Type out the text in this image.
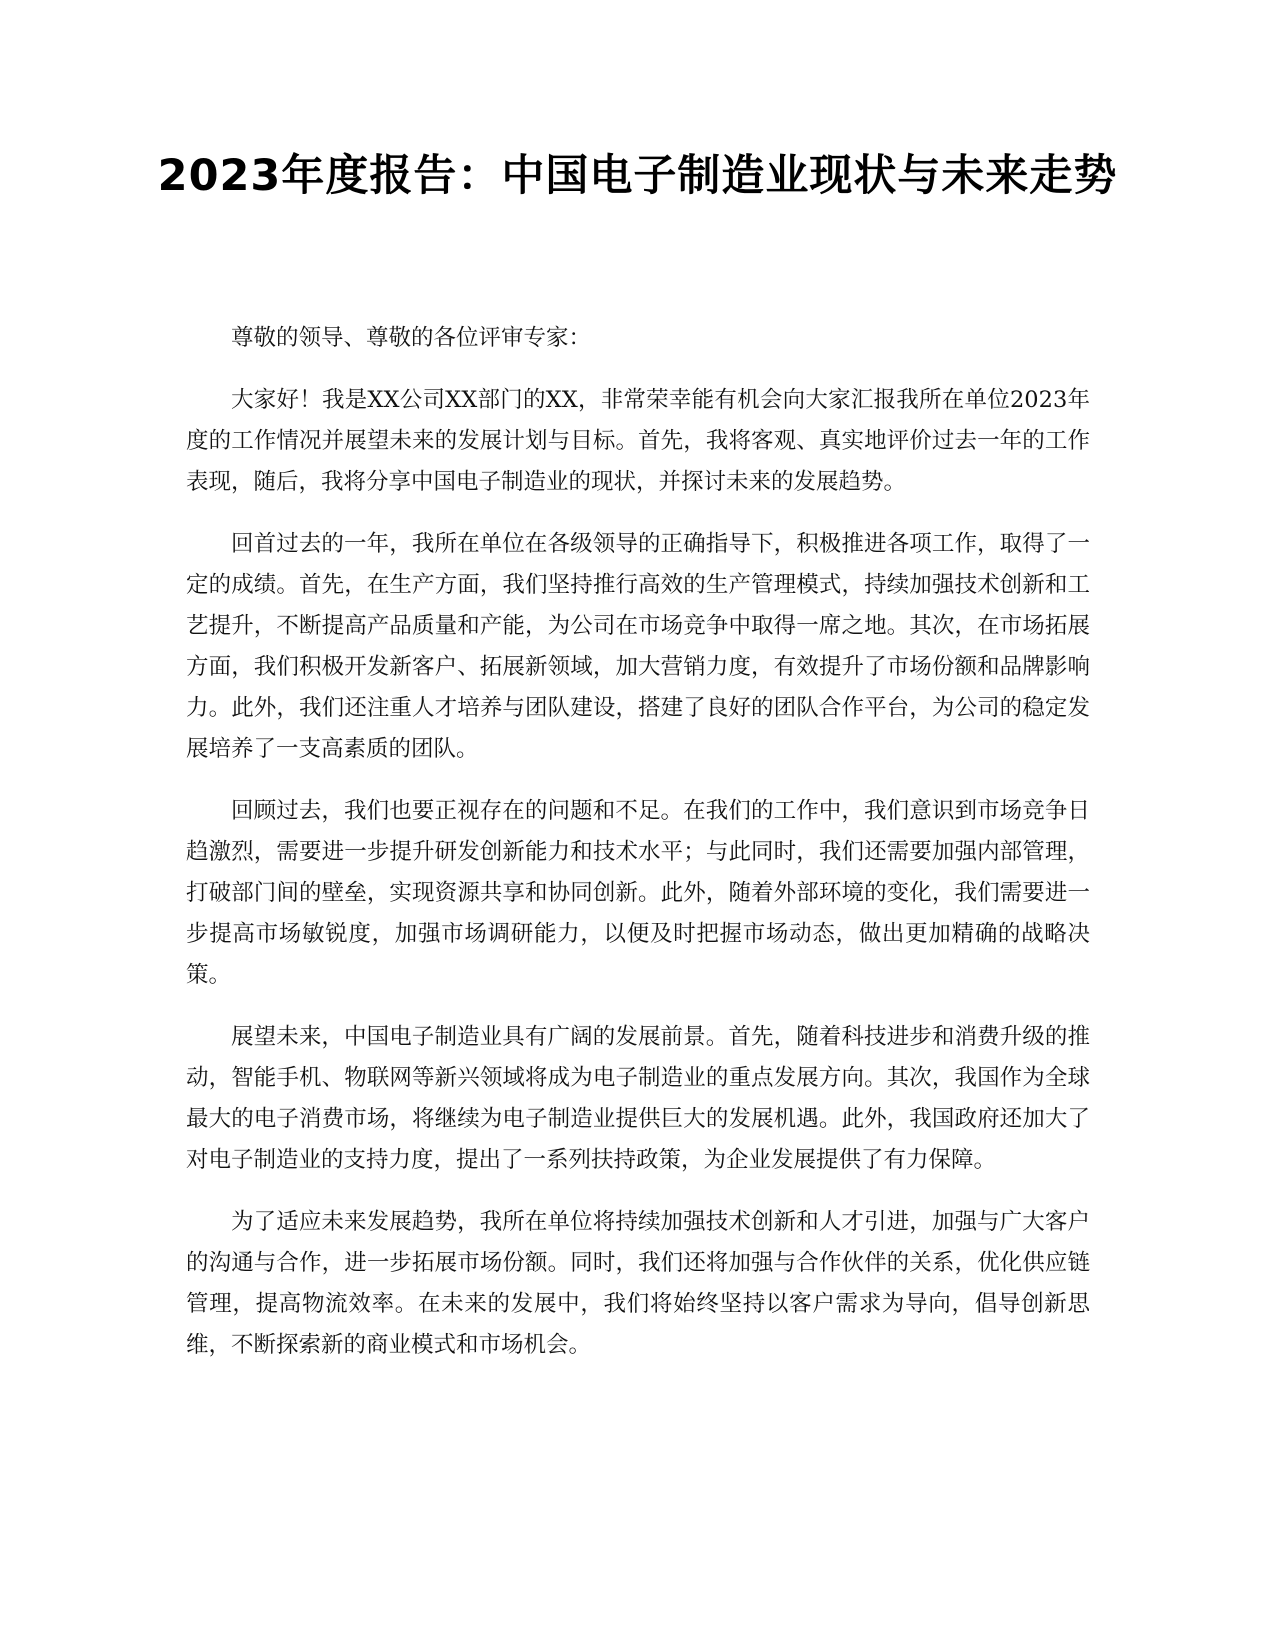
2023年度报告：中国电子制造业现状与未来走势

尊敬的领导、尊敬的各位评审专家：

大家好！我是XX公司XX部门的XX，非常荣幸能有机会向大家汇报我所在单位2023年度的工作情况并展望未来的发展计划与目标。首先，我将客观、真实地评价过去一年的工作表现，随后，我将分享中国电子制造业的现状，并探讨未来的发展趋势。

回首过去的一年，我所在单位在各级领导的正确指导下，积极推进各项工作，取得了一定的成绩。首先，在生产方面，我们坚持推行高效的生产管理模式，持续加强技术创新和工艺提升，不断提高产品质量和产能，为公司在市场竞争中取得一席之地。其次，在市场拓展方面，我们积极开发新客户、拓展新领域，加大营销力度，有效提升了市场份额和品牌影响力。此外，我们还注重人才培养与团队建设，搭建了良好的团队合作平台，为公司的稳定发展培养了一支高素质的团队。

回顾过去，我们也要正视存在的问题和不足。在我们的工作中，我们意识到市场竞争日趋激烈，需要进一步提升研发创新能力和技术水平；与此同时，我们还需要加强内部管理，打破部门间的壁垒，实现资源共享和协同创新。此外，随着外部环境的变化，我们需要进一步提高市场敏锐度，加强市场调研能力，以便及时把握市场动态，做出更加精确的战略决策。

展望未来，中国电子制造业具有广阔的发展前景。首先，随着科技进步和消费升级的推动，智能手机、物联网等新兴领域将成为电子制造业的重点发展方向。其次，我国作为全球最大的电子消费市场，将继续为电子制造业提供巨大的发展机遇。此外，我国政府还加大了对电子制造业的支持力度，提出了一系列扶持政策，为企业发展提供了有力保障。

为了适应未来发展趋势，我所在单位将持续加强技术创新和人才引进，加强与广大客户的沟通与合作，进一步拓展市场份额。同时，我们还将加强与合作伙伴的关系，优化供应链管理，提高物流效率。在未来的发展中，我们将始终坚持以客户需求为导向，倡导创新思维，不断探索新的商业模式和市场机会。
